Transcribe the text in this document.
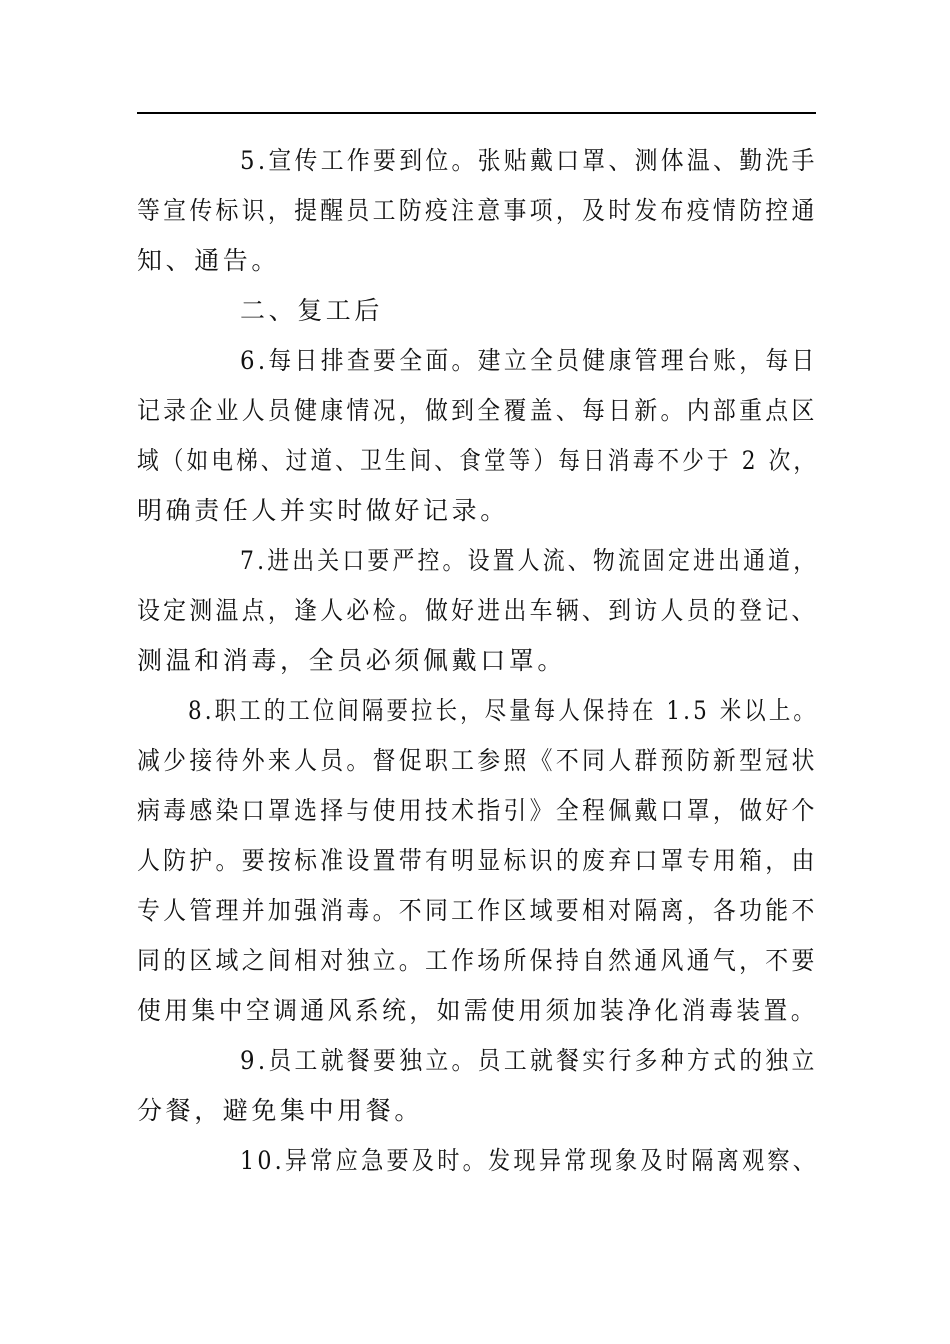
5.宣传工作要到位。张贴戴口罩、测体温、勤洗手
等宣传标识，提醒员工防疫注意事项，及时发布疫情防控通
知、通告。
二、复工后
6.每日排查要全面。建立全员健康管理台账，每日
记录企业人员健康情况，做到全覆盖、每日新。内部重点区
域（如电梯、过道、卫生间、食堂等）每日消毒不少于 2 次，
明确责任人并实时做好记录。
7.进出关口要严控。设置人流、物流固定进出通道，
设定测温点，逢人必检。做好进出车辆、到访人员的登记、
测温和消毒，全员必须佩戴口罩。
8.职工的工位间隔要拉长，尽量每人保持在 1.5 米以上。
减少接待外来人员。督促职工参照《不同人群预防新型冠状
病毒感染口罩选择与使用技术指引》全程佩戴口罩，做好个
人防护。要按标准设置带有明显标识的废弃口罩专用箱，由
专人管理并加强消毒。不同工作区域要相对隔离，各功能不
同的区域之间相对独立。工作场所保持自然通风通气，不要
使用集中空调通风系统，如需使用须加装净化消毒装置。
9.员工就餐要独立。员工就餐实行多种方式的独立
分餐，避免集中用餐。
10.异常应急要及时。发现异常现象及时隔离观察、
